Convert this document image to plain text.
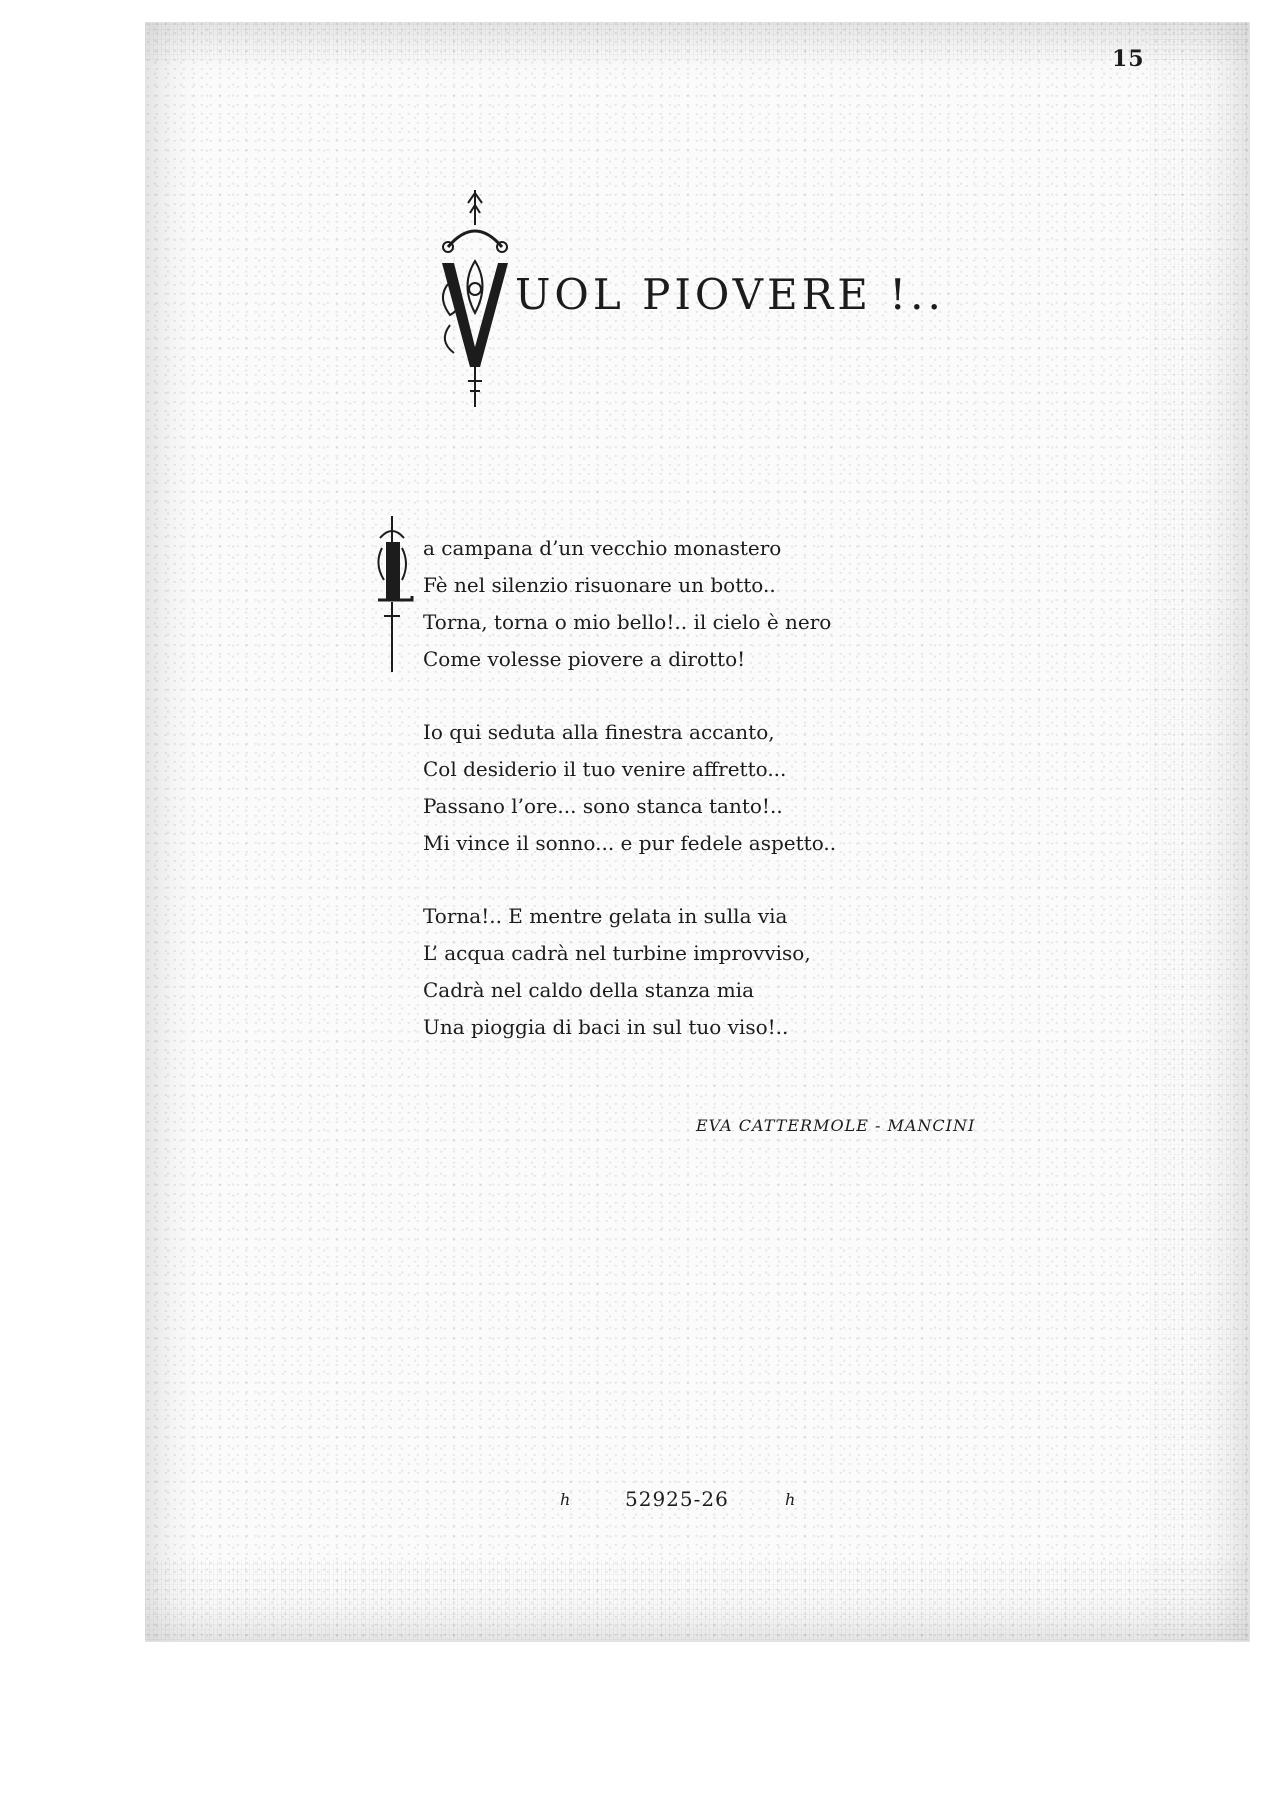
15
UOL PIOVERE !..
a campana d’un vecchio monastero
Fè nel silenzio risuonare un botto..
Torna, torna o mio bello!.. il cielo è nero
Come volesse piovere a dirotto!
Io qui seduta alla finestra accanto,
Col desiderio il tuo venire affretto...
Passano l’ore... sono stanca tanto!..
Mi vince il sonno... e pur fedele aspetto..
Torna!.. E mentre gelata in sulla via
L’ acqua cadrà nel turbine improvviso,
Cadrà nel caldo della stanza mia
Una pioggia di baci in sul tuo viso!..
EVA CATTERMOLE - MANCINI
h	52925-26	h
